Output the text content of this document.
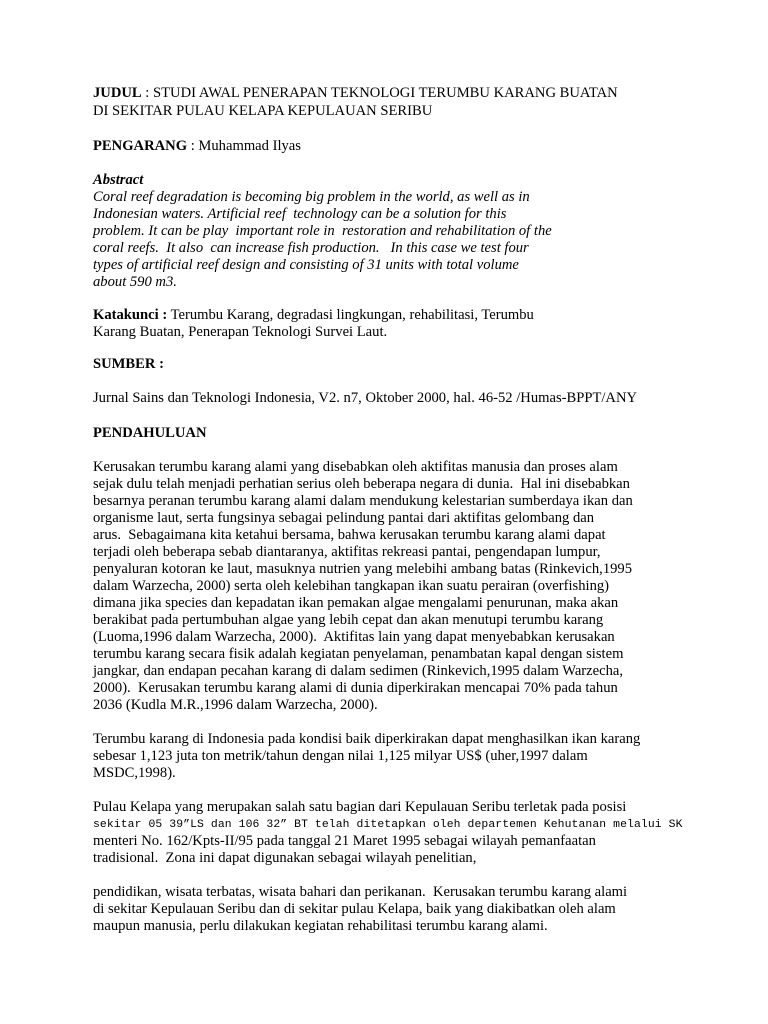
JUDUL : STUDI AWAL PENERAPAN TEKNOLOGI TERUMBU KARANG BUATAN
DI SEKITAR PULAU KELAPA KEPULAUAN SERIBU
PENGARANG : Muhammad Ilyas
Abstract
Coral reef degradation is becoming big problem in the world, as well as in
Indonesian waters. Artificial reef  technology can be a solution for this
problem. It can be play  important role in  restoration and rehabilitation of the
coral reefs.  It also  can increase fish production.   In this case we test four
types of artificial reef design and consisting of 31 units with total volume
about 590 m3.
Katakunci : Terumbu Karang, degradasi lingkungan, rehabilitasi, Terumbu
Karang Buatan, Penerapan Teknologi Survei Laut.
SUMBER :
Jurnal Sains dan Teknologi Indonesia, V2. n7, Oktober 2000, hal. 46-52 /Humas-BPPT/ANY
PENDAHULUAN
Kerusakan terumbu karang alami yang disebabkan oleh aktifitas manusia dan proses alam
sejak dulu telah menjadi perhatian serius oleh beberapa negara di dunia.  Hal ini disebabkan
besarnya peranan terumbu karang alami dalam mendukung kelestarian sumberdaya ikan dan
organisme laut, serta fungsinya sebagai pelindung pantai dari aktifitas gelombang dan
arus.  Sebagaimana kita ketahui bersama, bahwa kerusakan terumbu karang alami dapat
terjadi oleh beberapa sebab diantaranya, aktifitas rekreasi pantai, pengendapan lumpur,
penyaluran kotoran ke laut, masuknya nutrien yang melebihi ambang batas (Rinkevich,1995
dalam Warzecha, 2000) serta oleh kelebihan tangkapan ikan suatu perairan (overfishing)
dimana jika species dan kepadatan ikan pemakan algae mengalami penurunan, maka akan
berakibat pada pertumbuhan algae yang lebih cepat dan akan menutupi terumbu karang
(Luoma,1996 dalam Warzecha, 2000).  Aktifitas lain yang dapat menyebabkan kerusakan
terumbu karang secara fisik adalah kegiatan penyelaman, penambatan kapal dengan sistem
jangkar, dan endapan pecahan karang di dalam sedimen (Rinkevich,1995 dalam Warzecha,
2000).  Kerusakan terumbu karang alami di dunia diperkirakan mencapai 70% pada tahun
2036 (Kudla M.R.,1996 dalam Warzecha, 2000).
Terumbu karang di Indonesia pada kondisi baik diperkirakan dapat menghasilkan ikan karang
sebesar 1,123 juta ton metrik/tahun dengan nilai 1,125 milyar US$ (uher,1997 dalam
MSDC,1998).
Pulau Kelapa yang merupakan salah satu bagian dari Kepulauan Seribu terletak pada posisi
sekitar 05 39”LS dan 106 32” BT telah ditetapkan oleh departemen Kehutanan melalui SK
menteri No. 162/Kpts-II/95 pada tanggal 21 Maret 1995 sebagai wilayah pemanfaatan
tradisional.  Zona ini dapat digunakan sebagai wilayah penelitian,
pendidikan, wisata terbatas, wisata bahari dan perikanan.  Kerusakan terumbu karang alami
di sekitar Kepulauan Seribu dan di sekitar pulau Kelapa, baik yang diakibatkan oleh alam
maupun manusia, perlu dilakukan kegiatan rehabilitasi terumbu karang alami.
